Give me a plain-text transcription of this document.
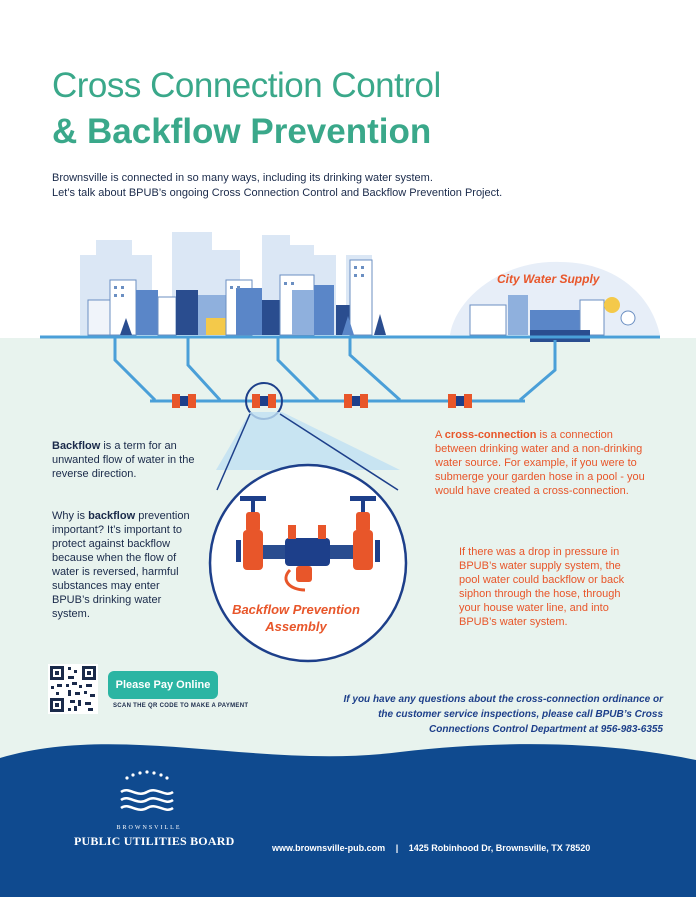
Cross Connection Control
& Backflow Prevention
Brownsville is connected in so many ways, including its drinking water system.
Let’s talk about BPUB’s ongoing Cross Connection Control and Backflow Prevention Project.
City Water Supply
Backflow Prevention
Assembly
Backflow is a term for an unwanted flow of water in the reverse direction.
Why is backflow prevention important? It’s important to protect against backflow because when the flow of water is reversed, harmful substances may enter BPUB’s drinking water system.
A cross-connection is a connection between drinking water and a non-drinking water source. For example, if you were to submerge your garden hose in a pool - you would have created a cross-connection.
If there was a drop in pressure in BPUB’s water supply system, the pool water could backflow or back siphon through the hose, through your house water line, and into BPUB’s water system.
Please Pay Online
SCAN THE QR CODE TO MAKE A PAYMENT
If you have any questions about the cross-connection ordinance or
the customer service inspections, please call BPUB’s Cross
Connections Control Department at 956-983-6355
BROWNSVILLE
PUBLIC UTILITIES BOARD	www.brownsville-pub.com | 1425 Robinhood Dr, Brownsville, TX 78520
